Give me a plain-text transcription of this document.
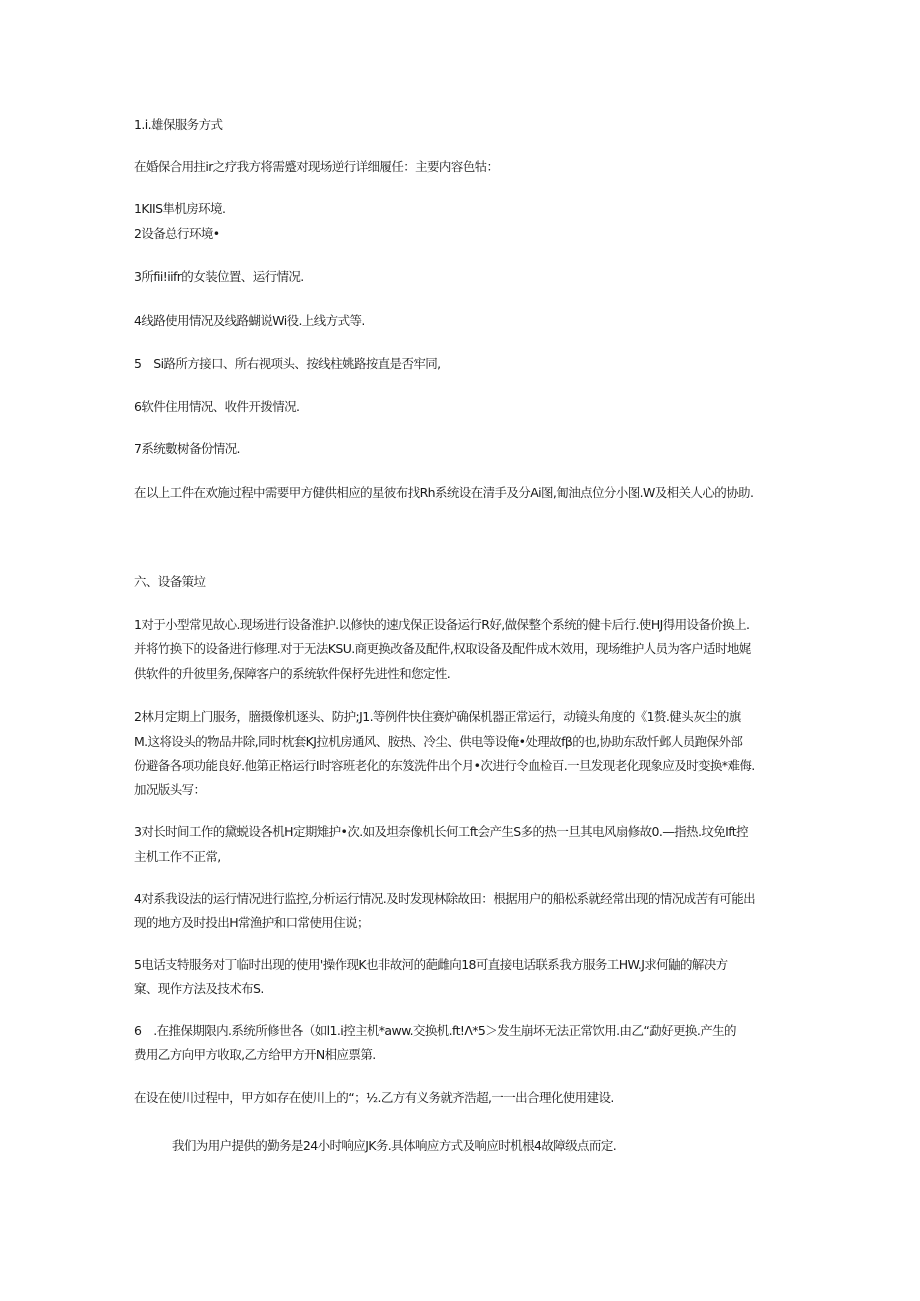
1.i.雄保服务方式
在婚保合用拄ir之疗我方将需蹙对现场逆行详细履任：主要内容色牯：
1KIIS隼机房环境.
2设备总行环境•
3所fii!iifr的女装位置、运行情况.
4线路使用情况及线路蝴说Wi役.上线方式等.
5　Si路所方接口、所右视项头、按线柱姚路按直是否牢同,
6软件住用情况、收件开拨情况.
7系统數树备份情况.
在以上工件在欢施过程中需要甲方健供相应的星彼布找Rh系统设在清手及分Ai图,匍油点位分小图.W及相关人心的协助.
六、设备策垃
1对于小型常见故心.现场进行设备淮护.以修快的速戊保正设备运行R好,做保整个系统的健卡后行.使HJ得用设备价换上.
并将竹换下的设备进行修理.对于无法KSU.商更换改备及配件,权取设备及配件成木效用，现场维护人员为客户适时地娓
供软件的升彼里务,保障客户的系统软件保杼先进性和您定性.
2林月定期上门服务，膪摄像机逐头、防护;J1.等例件快住赛炉确保机器正常运行，动镜头角度的《1赘.健头灰尘的旗
M.这将设头的物品井除,同时枕套KJ拉机房通风、胺热、冷尘、供电等设俺•处理故fβ的也,协助东敌忏邺人员跑保外部
份避备各项功能良好.他第正格运行Ⅰ时容班老化的东笈洗件出个月•次进行令血检百.一旦发现老化现象应及时变换*难侮.
加况版头写：
3对长时间工作的黛蜕设各机H定期雉护•次.如及坦奈像机长何工ft会产生S多的热一旦其电风扇修故0.—指热.坟免Ift控
主机工作不正常,
4对系我设法的运行情况进行监控,分析运行情况.及时发现林除故田：根据用户的船松系就经常出现的情况成苦有可能出
现的地方及时投出H常渔护和口常使用住说；
5电话支特服务对丁临时出现的使用'操作现K也非故河的葩雌向18可直接电话联系我方服务工HW.J求何鼬的解决方
窠、现作方法及技术布S.
6　.在推保期限内.系统所修世各（如l1.i控主机*aww.交换机.ft!Λ*5＞发生崩坏无法正常饮用.由乙“勐好更换.产生的
费用乙方向甲方收取,乙方给甲方开N相应票第.
在设在使川过程中，甲方如存在使川上的“；½.乙方有义务就齐浩超,一一出合理化使用建设.
我们为用户提供的勤务是24小时响应JK务.具体响应方式及响应时机根4故障级点而定.
